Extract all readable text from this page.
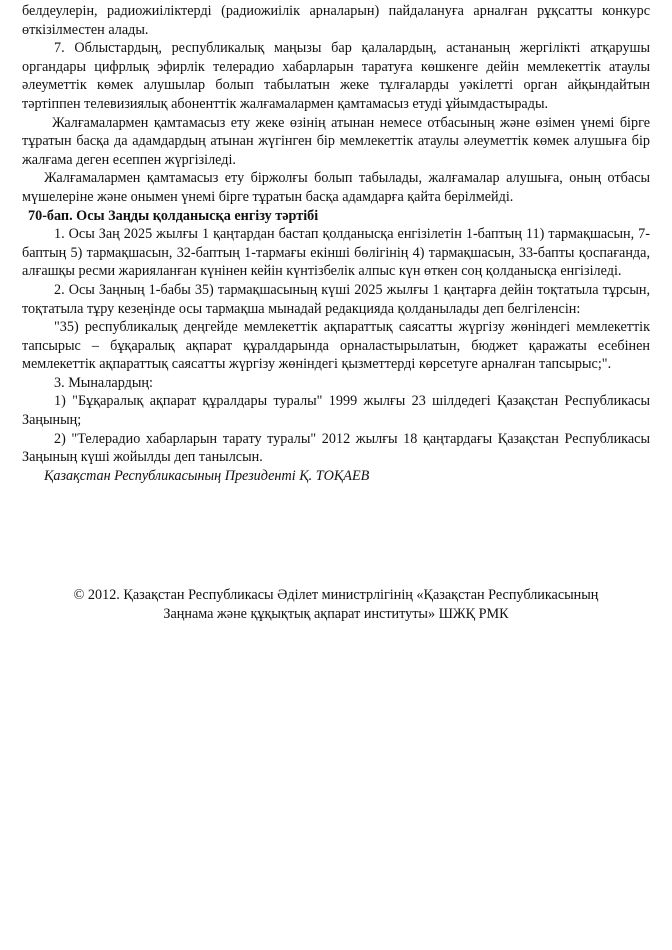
белдеулерін, радиожиіліктерді (радиожиілік арналарын) пайдалануға арналған рұқсатты конкурс өткізілместен алады.

7. Облыстардың, республикалық маңызы бар қалалардың, астананың жергілікті атқарушы органдары цифрлық эфирлік телерадио хабарларын таратуға көшкенге дейін мемлекеттік атаулы әлеуметтік көмек алушылар болып табылатын жеке тұлғаларды уәкілетті орган айқындайтын тәртіппен телевизиялық абоненттік жалғамалармен қамтамасыз етуді ұйымдастырады.

Жалғамалармен қамтамасыз ету жеке өзінің атынан немесе отбасының және өзімен үнемі бірге тұратын басқа да адамдардың атынан жүгінген бір мемлекеттік атаулы әлеуметтік көмек алушыға бір жалғама деген есеппен жүргізіледі.

Жалғамалармен қамтамасыз ету біржолғы болып табылады, жалғамалар алушыға, оның отбасы мүшелеріне және онымен үнемі бірге тұратын басқа адамдарға қайта берілмейді.

70-бап. Осы Заңды қолданысқа енгізу тәртібі

1. Осы Заң 2025 жылғы 1 қаңтардан бастап қолданысқа енгізілетін 1-баптың 11) тармақшасын, 7-баптың 5) тармақшасын, 32-баптың 1-тармағы екінші бөлігінің 4) тармақшасын, 33-бапты қоспағанда, алғашқы ресми жарияланған күнінен кейін күнтізбелік алпыс күн өткен соң қолданысқа енгізіледі.

2. Осы Заңның 1-бабы 35) тармақшасының күші 2025 жылғы 1 қаңтарға дейін тоқтатыла тұрсын, тоқтатыла тұру кезеңінде осы тармақша мынадай редакцияда қолданылады деп белгіленсін:

"35) республикалық деңгейде мемлекеттік ақпараттық саясатты жүргізу жөніндегі мемлекеттік тапсырыс – бұқаралық ақпарат құралдарында орналастырылатын, бюджет қаражаты есебінен мемлекеттік ақпараттық саясатты жүргізу жөніндегі қызметтерді көрсетуге арналған тапсырыс;".

3. Мыналардың:

1) "Бұқаралық ақпарат құралдары туралы" 1999 жылғы 23 шілдедегі Қазақстан Республикасы Заңының;

2) "Телерадио хабарларын тарату туралы" 2012 жылғы 18 қаңтардағы Қазақстан Республикасы Заңының күші жойылды деп танылсын.

Қазақстан Республикасының Президенті Қ. ТОҚАЕВ

© 2012. Қазақстан Республикасы Әділет министрлігінің «Қазақстан Республикасының
Заңнама және құқықтық ақпарат институты» ШЖҚ РМК
